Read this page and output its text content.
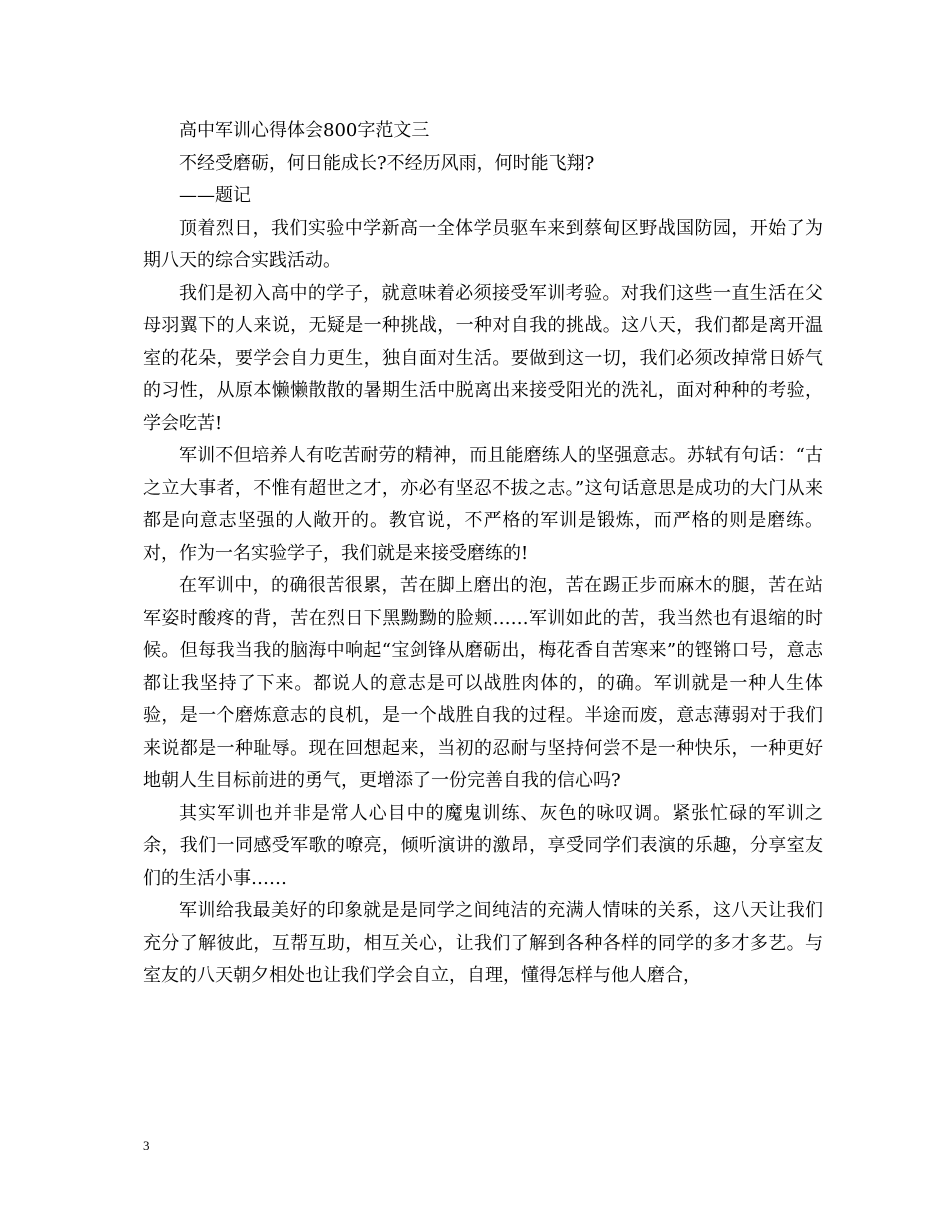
高中军训心得体会800字范文三

不经受磨砺，何日能成长?不经历风雨，何时能飞翔?

——题记

顶着烈日，我们实验中学新高一全体学员驱车来到蔡甸区野战国防园，开始了为期八天的综合实践活动。

我们是初入高中的学子，就意味着必须接受军训考验。对我们这些一直生活在父母羽翼下的人来说，无疑是一种挑战，一种对自我的挑战。这八天，我们都是离开温室的花朵，要学会自力更生，独自面对生活。要做到这一切，我们必须改掉常日娇气的习性，从原本懒懒散散的暑期生活中脱离出来接受阳光的洗礼，面对种种的考验，学会吃苦!

军训不但培养人有吃苦耐劳的精神，而且能磨练人的坚强意志。苏轼有句话：“古之立大事者，不惟有超世之才，亦必有坚忍不拔之志。”这句话意思是成功的大门从来都是向意志坚强的人敞开的。教官说，不严格的军训是锻炼，而严格的则是磨练。对，作为一名实验学子，我们就是来接受磨练的!

在军训中，的确很苦很累，苦在脚上磨出的泡，苦在踢正步而麻木的腿，苦在站军姿时酸疼的背，苦在烈日下黑黝黝的脸颊……军训如此的苦，我当然也有退缩的时候。但每我当我的脑海中响起“宝剑锋从磨砺出，梅花香自苦寒来”的铿锵口号，意志都让我坚持了下来。都说人的意志是可以战胜肉体的，的确。军训就是一种人生体验，是一个磨炼意志的良机，是一个战胜自我的过程。半途而废，意志薄弱对于我们来说都是一种耻辱。现在回想起来，当初的忍耐与坚持何尝不是一种快乐，一种更好地朝人生目标前进的勇气，更增添了一份完善自我的信心吗?

其实军训也并非是常人心目中的魔鬼训练、灰色的咏叹调。紧张忙碌的军训之余，我们一同感受军歌的嘹亮，倾听演讲的激昂，享受同学们表演的乐趣，分享室友们的生活小事……

军训给我最美好的印象就是是同学之间纯洁的充满人情味的关系，这八天让我们充分了解彼此，互帮互助，相互关心，让我们了解到各种各样的同学的多才多艺。与室友的八天朝夕相处也让我们学会自立，自理，懂得怎样与他人磨合，

3
